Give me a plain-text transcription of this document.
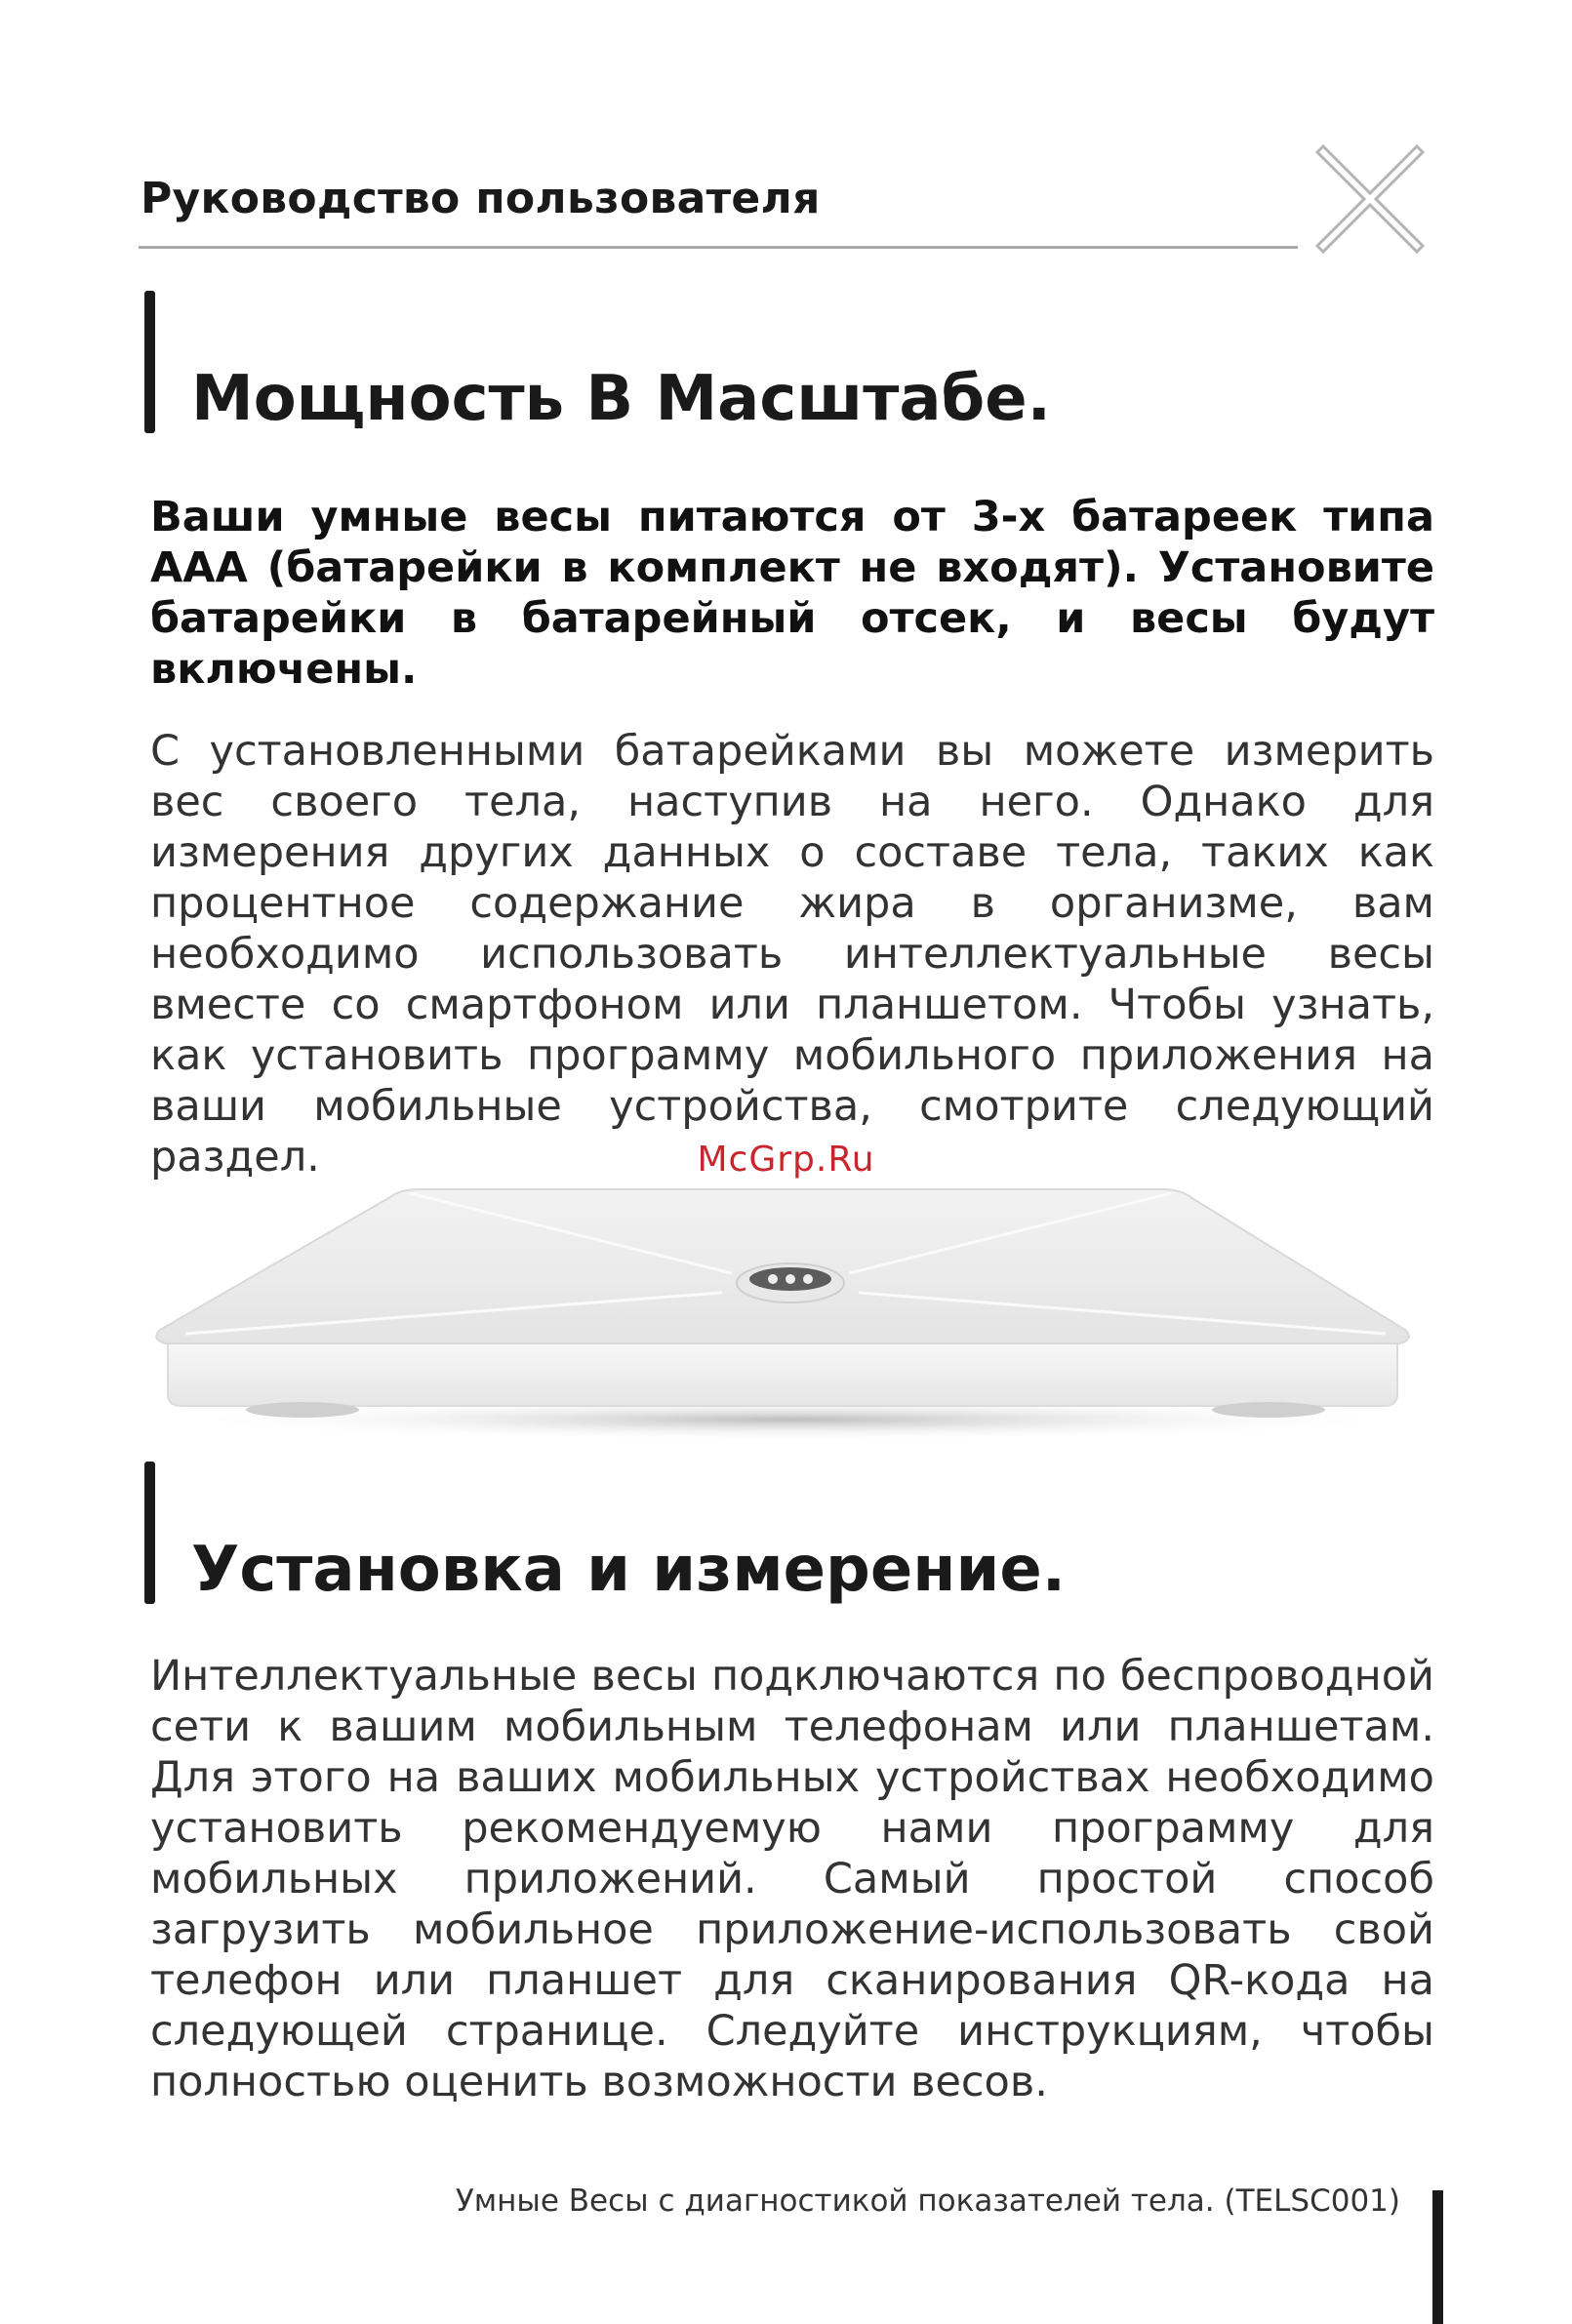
Руководство пользователя
Мощность В Масштабе.
Ваши умные весы питаются от 3-х батареек типа AAA (батарейки в комплект не входят). Установите батарейки в батарейный отсек, и весы будут включены.
С установленными батарейками вы можете измерить вес своего тела, наступив на него. Однако для измерения других данных о составе тела, таких как процентное содержание жира в организме, вам необходимо использовать интеллектуальные весы вместе со смартфоном или планшетом. Чтобы узнать, как установить программу мобильного приложения на ваши мобильные устройства, смотрите следующий раздел.	McGrp.Ru
Установка и измерение.
Интеллектуальные весы подключаются по беспроводной сети к вашим мобильным телефонам или планшетам. Для этого на ваших мобильных устройствах необходимо установить рекомендуемую нами программу для мобильных приложений. Самый простой способ загрузить мобильное приложение-использовать свой телефон или планшет для сканирования QR-кода на следующей странице. Следуйте инструкциям, чтобы полностью оценить возможности весов.
Умные Весы с диагностикой показателей тела. (TELSC001)
